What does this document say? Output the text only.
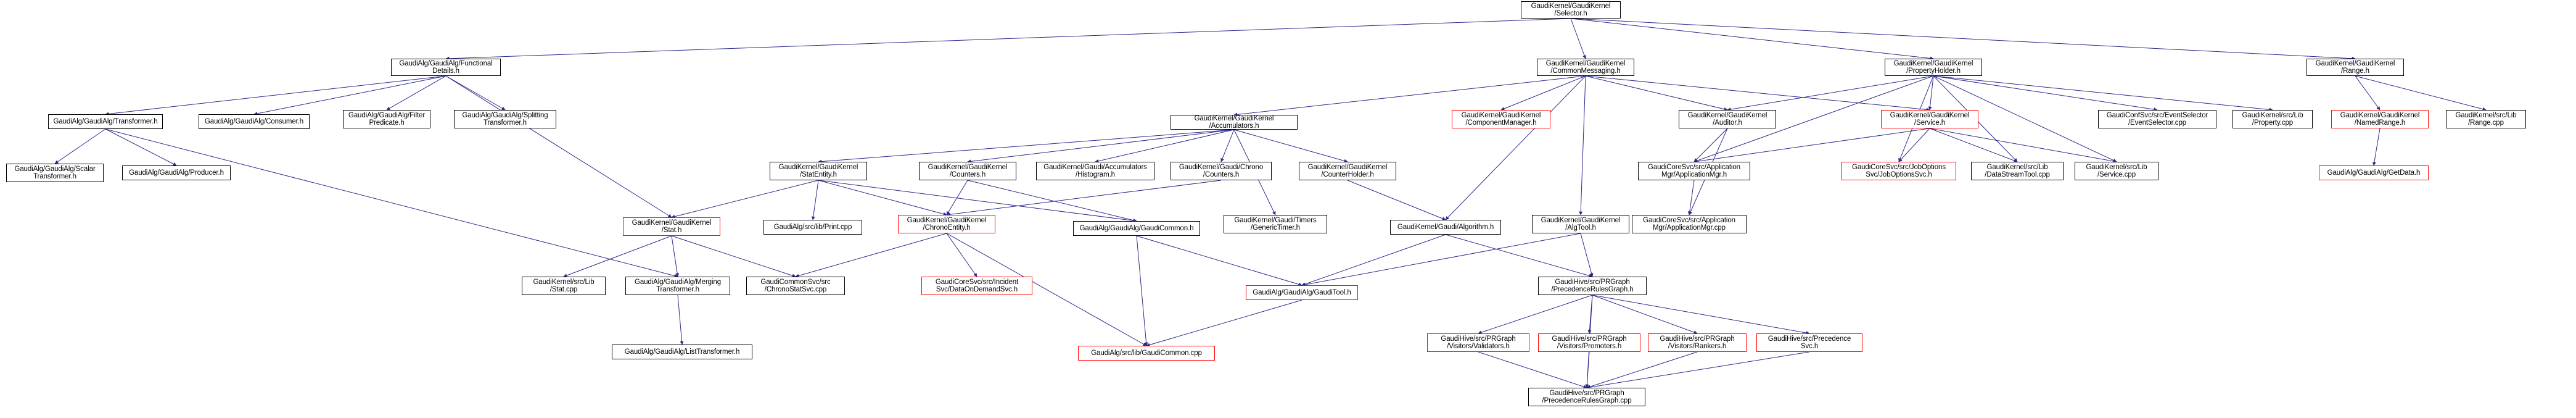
GaudiKernel/GaudiKernel
/Selector.h
GaudiAlg/GaudiAlg/Functional
Details.h
GaudiKernel/GaudiKernel
/CommonMessaging.h
GaudiKernel/GaudiKernel
/PropertyHolder.h
GaudiKernel/GaudiKernel
/Range.h
GaudiAlg/GaudiAlg/Transformer.h	GaudiAlg/GaudiAlg/Consumer.h
GaudiAlg/GaudiAlg/Filter
Predicate.h
GaudiAlg/GaudiAlg/Splitting
Transformer.h
GaudiKernel/GaudiKernel
/Accumulators.h
GaudiKernel/GaudiKernel
/ComponentManager.h
GaudiKernel/GaudiKernel
/Auditor.h
GaudiKernel/GaudiKernel
/Service.h
GaudiConfSvc/src/EventSelector
/EventSelector.cpp
GaudiKernel/src/Lib
/Property.cpp
GaudiKernel/GaudiKernel
/NamedRange.h
GaudiKernel/src/Lib
/Range.cpp
GaudiAlg/GaudiAlg/Scalar
Transformer.h
GaudiAlg/GaudiAlg/Producer.h
GaudiKernel/GaudiKernel
/StatEntity.h
GaudiKernel/GaudiKernel
/Counters.h
GaudiKernel/Gaudi/Accumulators
/Histogram.h
GaudiKernel/Gaudi/Chrono
/Counters.h
GaudiKernel/GaudiKernel
/CounterHolder.h
GaudiCoreSvc/src/Application
Mgr/ApplicationMgr.h
GaudiCoreSvc/src/JobOptions
Svc/JobOptionsSvc.h
GaudiKernel/src/Lib
/DataStreamTool.cpp
GaudiKernel/src/Lib
/Service.cpp	GaudiAlg/GaudiAlg/GetData.h
GaudiKernel/GaudiKernel
/Stat.h	GaudiAlg/src/lib/Print.cpp
GaudiKernel/GaudiKernel
/ChronoEntity.h	GaudiAlg/GaudiAlg/GaudiCommon.h
GaudiKernel/Gaudi/Timers
/GenericTimer.h	GaudiKernel/Gaudi/Algorithm.h
GaudiKernel/GaudiKernel
/AlgTool.h
GaudiCoreSvc/src/Application
Mgr/ApplicationMgr.cpp
GaudiKernel/src/Lib
/Stat.cpp
GaudiAlg/GaudiAlg/Merging
Transformer.h
GaudiCommonSvc/src
/ChronoStatSvc.cpp
GaudiCoreSvc/src/Incident
Svc/DataOnDemandSvc.h	GaudiAlg/GaudiAlg/GaudiTool.h
GaudiHive/src/PRGraph
/PrecedenceRulesGraph.h
GaudiAlg/GaudiAlg/ListTransformer.h	GaudiAlg/src/lib/GaudiCommon.cpp
GaudiHive/src/PRGraph
/Visitors/Validators.h
GaudiHive/src/PRGraph
/Visitors/Promoters.h
GaudiHive/src/PRGraph
/Visitors/Rankers.h
GaudiHive/src/Precedence
Svc.h
GaudiHive/src/PRGraph
/PrecedenceRulesGraph.cpp
